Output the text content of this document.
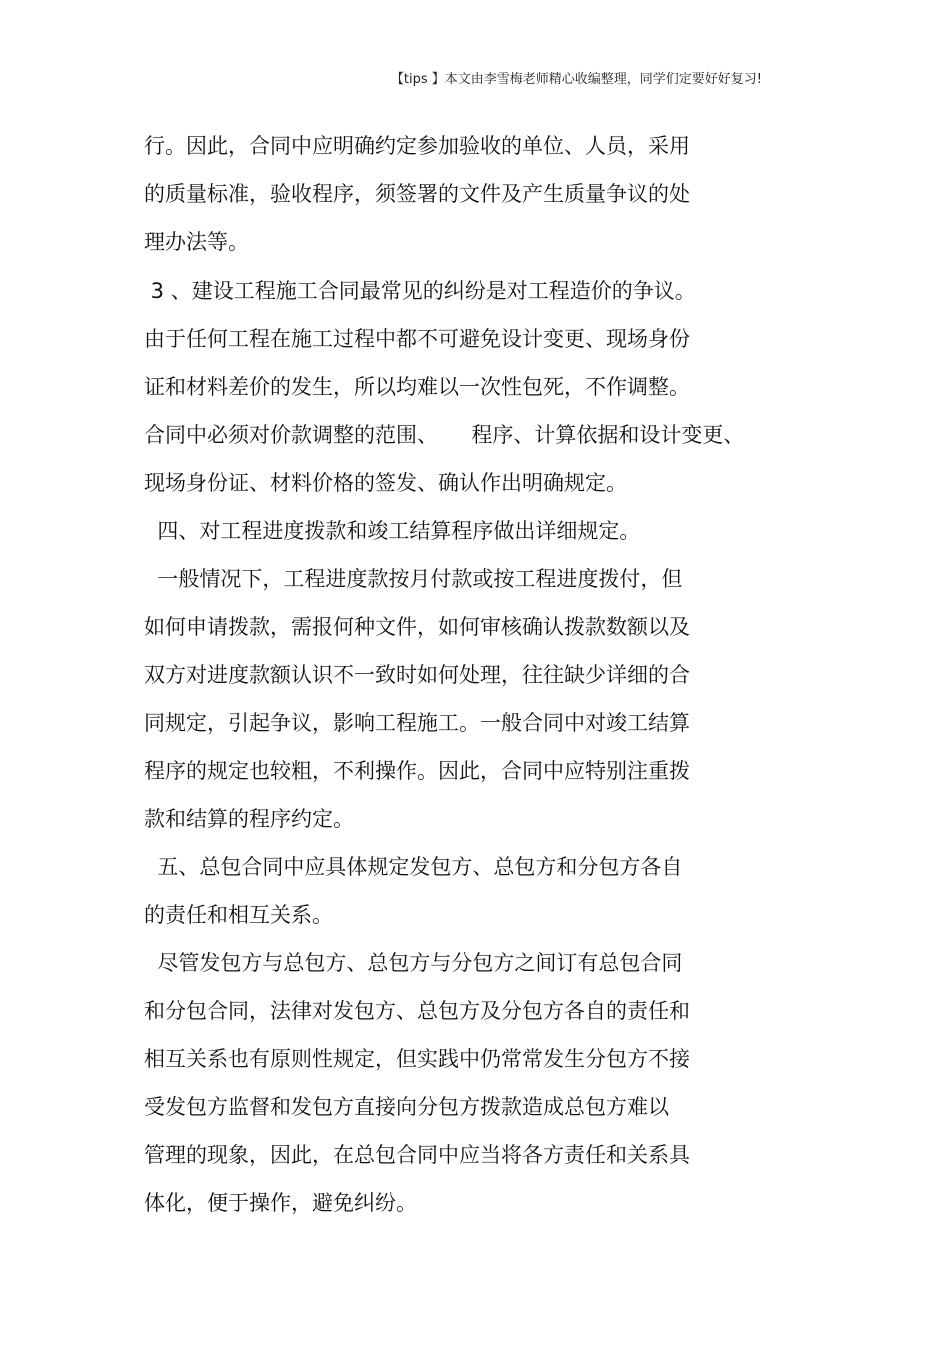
【tips 】本文由李雪梅老师精心收编整理，同学们定要好好复习!
行。因此，合同中应明确约定参加验收的单位、人员，采用
的质量标准，验收程序，须签署的文件及产生质量争议的处
理办法等。
3 、建设工程施工合同最常见的纠纷是对工程造价的争议。
由于任何工程在施工过程中都不可避免设计变更、现场身份
证和材料差价的发生，所以均难以一次性包死，不作调整。
合同中必须对价款调整的范围、     程序、计算依据和设计变更、
现场身份证、材料价格的签发、确认作出明确规定。
四、对工程进度拨款和竣工结算程序做出详细规定。
一般情况下，工程进度款按月付款或按工程进度拨付，但
如何申请拨款，需报何种文件，如何审核确认拨款数额以及
双方对进度款额认识不一致时如何处理，往往缺少详细的合
同规定，引起争议，影响工程施工。一般合同中对竣工结算
程序的规定也较粗，不利操作。因此，合同中应特别注重拨
款和结算的程序约定。
五、总包合同中应具体规定发包方、总包方和分包方各自
的责任和相互关系。
尽管发包方与总包方、总包方与分包方之间订有总包合同
和分包合同，法律对发包方、总包方及分包方各自的责任和
相互关系也有原则性规定，但实践中仍常常发生分包方不接
受发包方监督和发包方直接向分包方拨款造成总包方难以
管理的现象，因此，在总包合同中应当将各方责任和关系具
体化，便于操作，避免纠纷。
